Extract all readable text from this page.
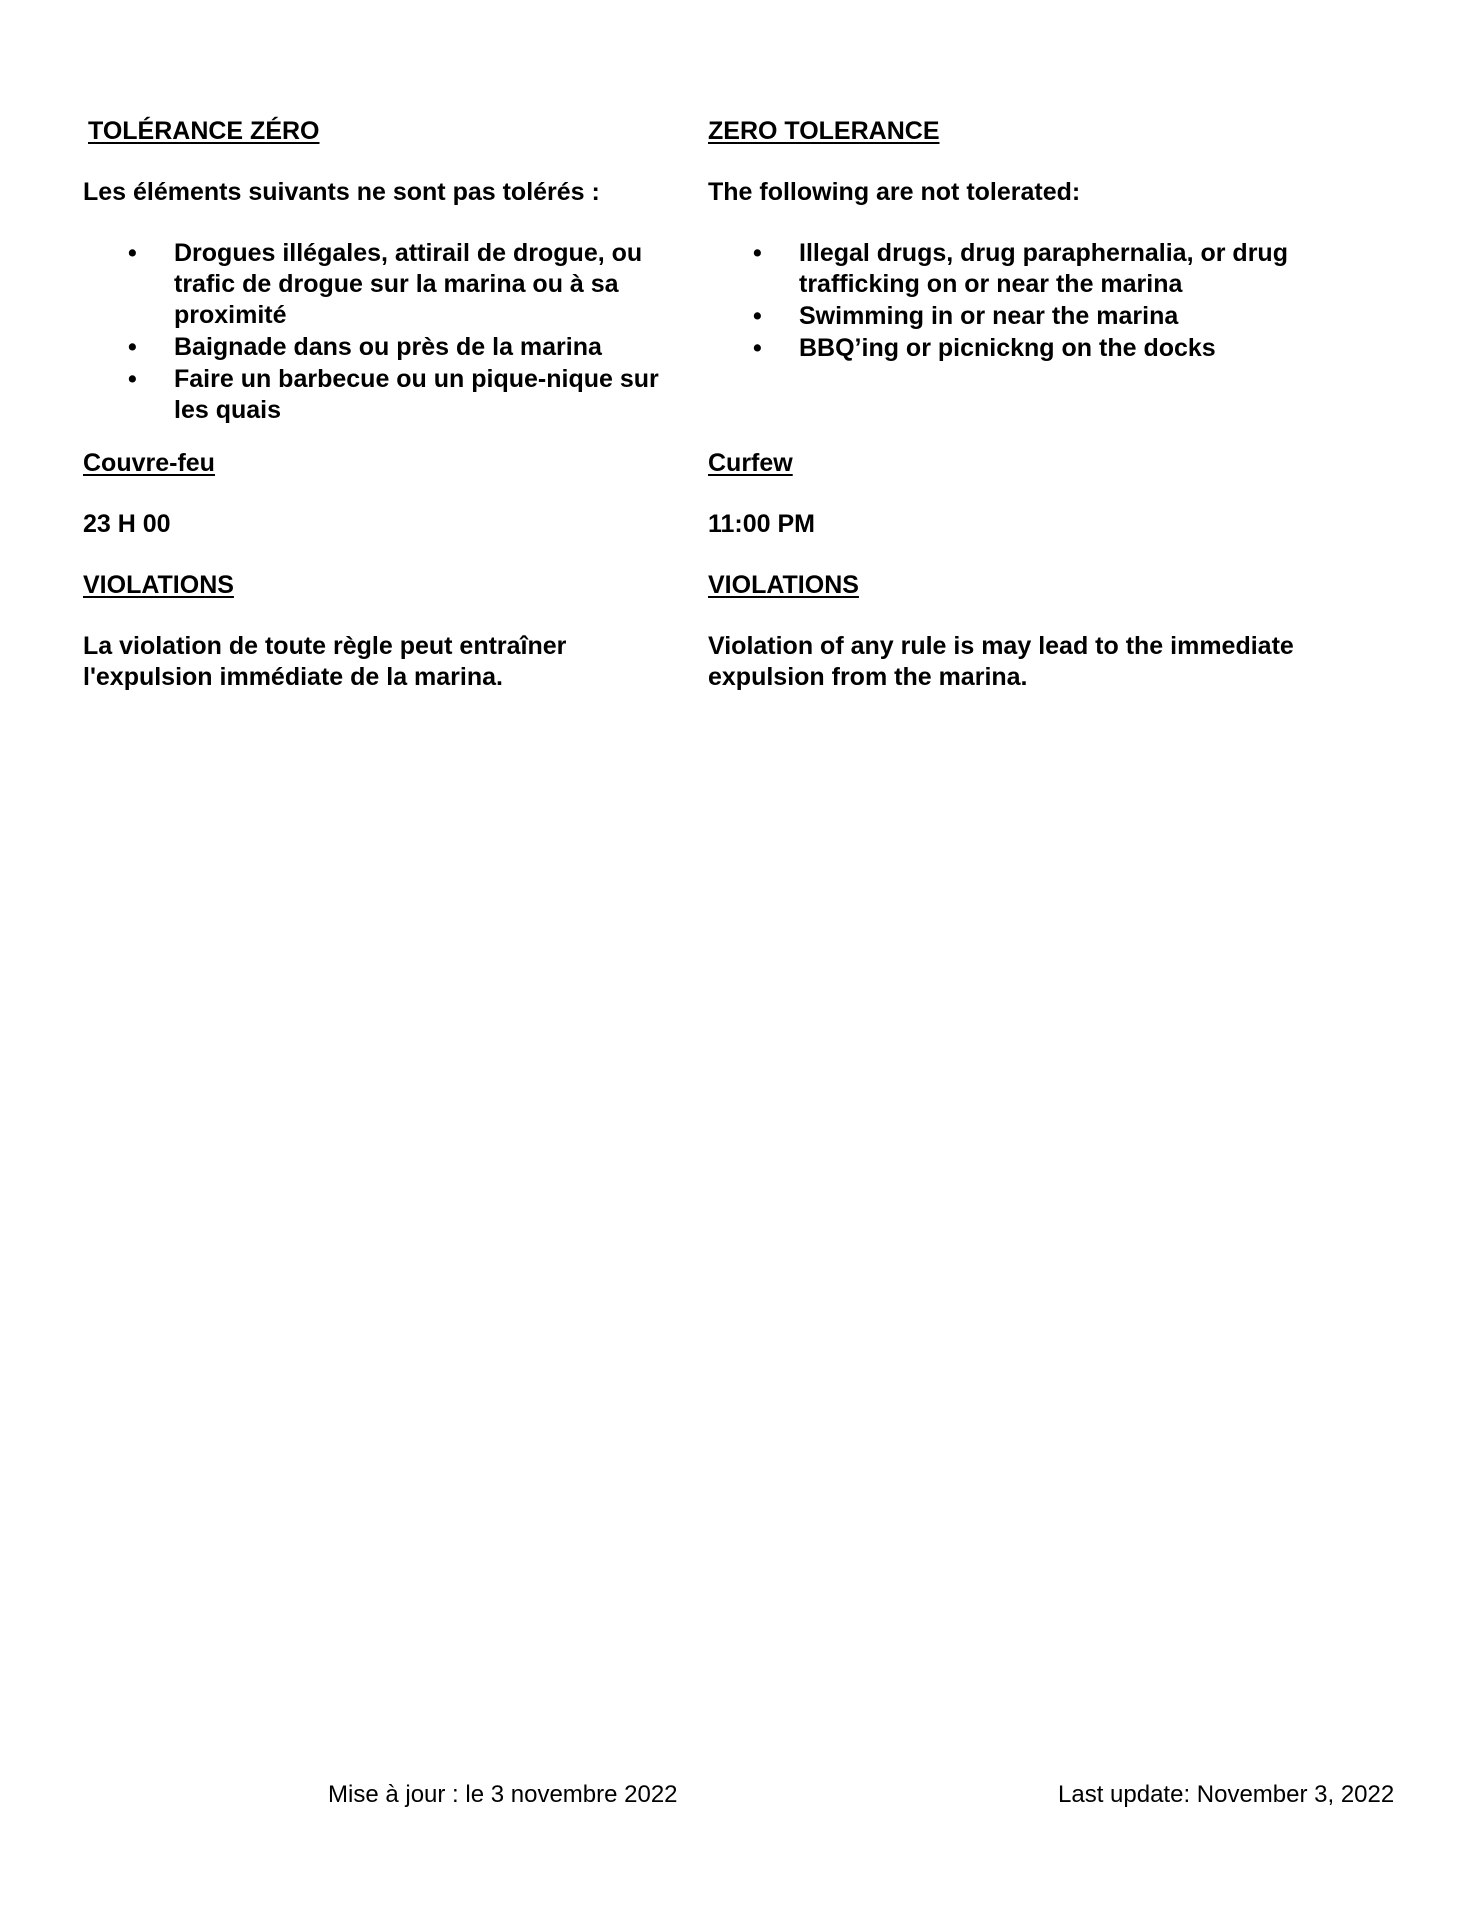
TOLÉRANCE ZÉRO

Les éléments suivants ne sont pas tolérés :

• Drogues illégales, attirail de drogue, ou trafic de drogue sur la marina ou à sa proximité
• Baignade dans ou près de la marina
• Faire un barbecue ou un pique-nique sur les quais
Couvre-feu

23 H 00

VIOLATIONS

La violation de toute règle peut entraîner l'expulsion immédiate de la marina.

ZERO TOLERANCE

The following are not tolerated:

• Illegal drugs, drug paraphernalia, or drug trafficking on or near the marina
• Swimming in or near the marina
• BBQ’ing or picnickng on the docks
Curfew

11:00 PM

VIOLATIONS

Violation of any rule is may lead to the immediate expulsion from the marina.

Mise à jour : le 3 novembre 2022	Last update: November 3, 2022
